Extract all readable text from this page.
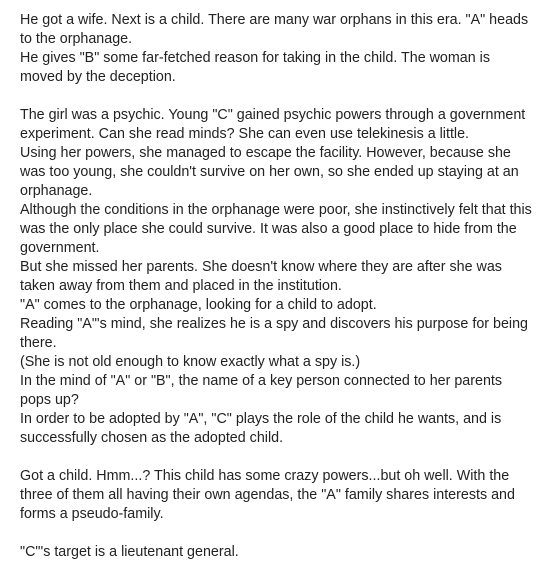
He got a wife. Next is a child. There are many war orphans in this era. "A" heads to the orphanage.
He gives "B" some far-fetched reason for taking in the child. The woman is moved by the deception.
The girl was a psychic. Young "C" gained psychic powers through a government experiment. Can she read minds? She can even use telekinesis a little.
Using her powers, she managed to escape the facility. However, because she was too young, she couldn't survive on her own, so she ended up staying at an orphanage.
Although the conditions in the orphanage were poor, she instinctively felt that this was the only place she could survive. It was also a good place to hide from the government.
But she missed her parents. She doesn't know where they are after she was taken away from them and placed in the institution.
"A" comes to the orphanage, looking for a child to adopt.
Reading "A"'s mind, she realizes he is a spy and discovers his purpose for being there.
(She is not old enough to know exactly what a spy is.)
In the mind of "A" or "B", the name of a key person connected to her parents pops up?
In order to be adopted by "A", "C" plays the role of the child he wants, and is successfully chosen as the adopted child.
Got a child. Hmm...? This child has some crazy powers...but oh well. With the three of them all having their own agendas, the "A" family shares interests and forms a pseudo-family.
"C"'s target is a lieutenant general.
